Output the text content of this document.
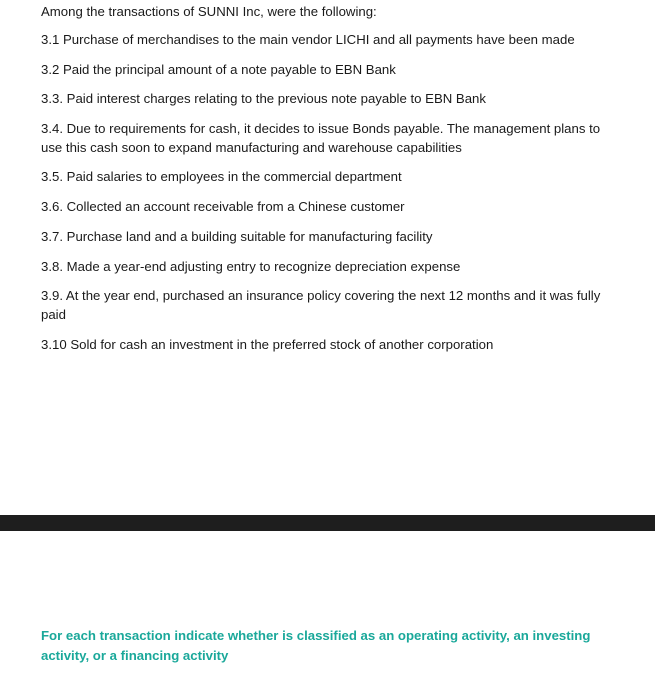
Among the transactions of SUNNI Inc, were the following:
3.1 Purchase of merchandises to the main vendor LICHI and all payments have been made
3.2 Paid the principal amount of a note payable to EBN Bank
3.3. Paid interest charges relating to the previous note payable to EBN Bank
3.4. Due to requirements for cash, it decides to issue Bonds payable. The management plans to use this cash soon to expand manufacturing and warehouse capabilities
3.5. Paid salaries to employees in the commercial department
3.6. Collected an account receivable from a Chinese customer
3.7. Purchase land and a building suitable for manufacturing facility
3.8. Made a year-end adjusting entry to recognize depreciation expense
3.9. At the year end, purchased an insurance policy covering the next 12 months and it was fully paid
3.10 Sold for cash an investment in the preferred stock of another corporation
For each transaction indicate whether is classified as an operating activity, an investing activity, or a financing activity
